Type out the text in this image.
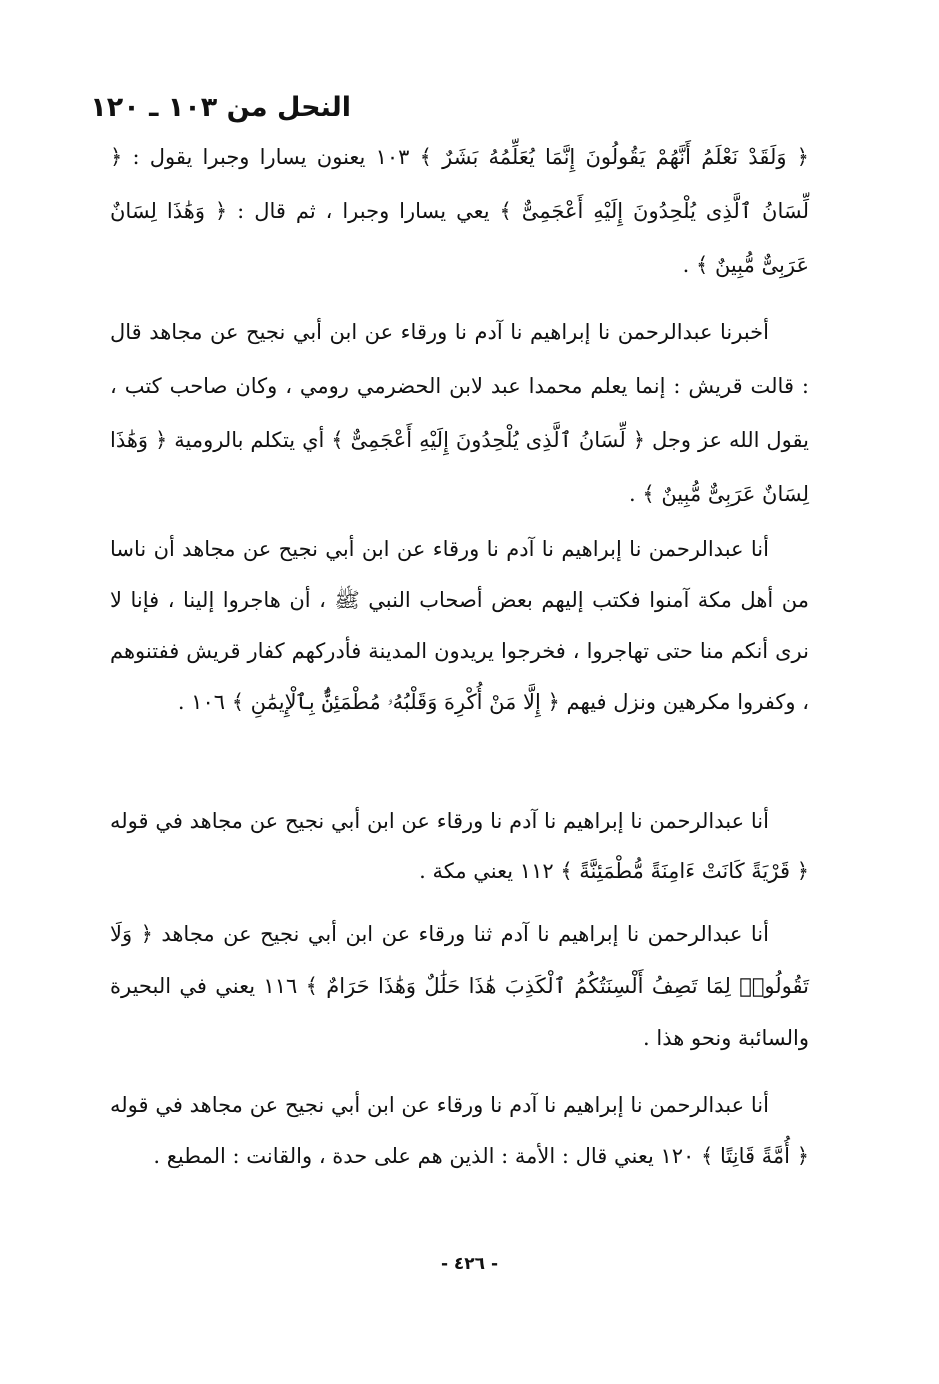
النحل من ١٠٣ ـ ١٢٠

﴿ وَلَقَدْ نَعْلَمُ أَنَّهُمْ يَقُولُونَ إِنَّمَا يُعَلِّمُهُ بَشَرٌ ﴾ ١٠٣ يعنون يسارا وجبرا يقول : ﴿ لِّسَانُ ٱلَّذِى يُلْحِدُونَ إِلَيْهِ أَعْجَمِىٌّ ﴾ يعي يسارا وجبرا ، ثم قال : ﴿ وَهَٰذَا لِسَانٌ عَرَبِىٌّ مُّبِينٌ ﴾ .

أخبرنا عبدالرحمن نا إبراهيم نا آدم نا ورقاء عن ابن أبي نجيح عن مجاهد قال : قالت قريش : إنما يعلم محمدا عبد لابن الحضرمي رومي ، وكان صاحب كتب ، يقول الله عز وجل ﴿ لِّسَانُ ٱلَّذِى يُلْحِدُونَ إِلَيْهِ أَعْجَمِىٌّ ﴾ أي يتكلم بالرومية ﴿ وَهَٰذَا لِسَانٌ عَرَبِىٌّ مُّبِينٌ ﴾ .

أنا عبدالرحمن نا إبراهيم نا آدم نا ورقاء عن ابن أبي نجيح عن مجاهد أن ناسا من أهل مكة آمنوا فكتب إليهم بعض أصحاب النبي ﷺ ، أن هاجروا إلينا ، فإنا لا نرى أنكم منا حتى تهاجروا ، فخرجوا يريدون المدينة فأدركهم كفار قريش ففتنوهم ، وكفروا مكرهين ونزل فيهم ﴿ إِلَّا مَنْ أُكْرِهَ وَقَلْبُهُۥ مُطْمَئِنٌّۢ بِٱلْإِيمَٰنِ ﴾ ١٠٦ .

أنا عبدالرحمن نا إبراهيم نا آدم نا ورقاء عن ابن أبي نجيح عن مجاهد في قوله ﴿ قَرْيَةً كَانَتْ ءَامِنَةً مُّطْمَئِنَّةً ﴾ ١١٢ يعني مكة .

أنا عبدالرحمن نا إبراهيم نا آدم ثنا ورقاء عن ابن أبي نجيح عن مجاهد ﴿ وَلَا تَقُولُوا۟ لِمَا تَصِفُ أَلْسِنَتُكُمُ ٱلْكَذِبَ هَٰذَا حَلَٰلٌ وَهَٰذَا حَرَامٌ ﴾ ١١٦ يعني في البحيرة والسائبة ونحو هذا .

أنا عبدالرحمن نا إبراهيم نا آدم نا ورقاء عن ابن أبي نجيح عن مجاهد في قوله ﴿ أُمَّةً قَانِتًا ﴾ ١٢٠ يعني قال : الأمة : الذين هم على حدة ، والقانت : المطيع .

- ٤٢٦ -
